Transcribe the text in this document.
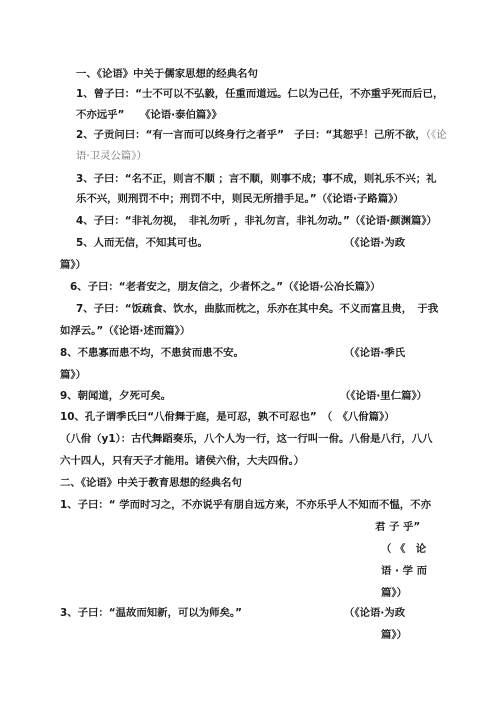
一、《论语》中关于儒家思想的经典名句
1、曾子曰：“士不可以不弘毅，任重而道远。仁以为己任，不亦重乎死而后已，
不亦远乎”　　《论语·泰伯篇》》
2、子贡问曰：“有一言而可以终身行之者乎”　子曰：“其恕乎！己所不欲，（《论
语·卫灵公篇》）
3、子曰：“名不正，则言不顺 ；言不顺，则事不成；事不成，则礼乐不兴；礼
乐不兴，则刑罚不中；刑罚不中，则民无所措手足。”（《论语·子路篇》）
4、子曰：“非礼勿视，　非礼勿听 ，非礼勿言，非礼勿动。”（《论语·颜渊篇》）
5、人而无信，不知其可也。	（《论语·为政
篇》）
6、子曰：“老者安之，朋友信之，少者怀之。”（《论语·公冶长篇》）
7、子曰：“饭疏食、饮水，曲肱而枕之，乐亦在其中矣。不义而富且贵，　于我
如浮云。”（《论语·述而篇》）
8、不患寡而患不均，不患贫而患不安。	（《论语·季氏
篇》）
9、朝闻道，夕死可矣。	（《论语·里仁篇》）
10、孔子谓季氏曰“八佾舞于庭，是可忍，孰不可忍也”　（　《八佾篇》）
（八佾（y1）：古代舞蹈奏乐，八个人为一行，这一行叫一佾。八佾是八行，八八
六十四人，只有天子才能用。诸侯六佾，大夫四佾。）
二、《论语》中关于教育思想的经典名句
1、子曰：“ 学而时习之，不亦说乎有朋自远方来，不亦乐乎人不知而不愠，不亦
君 子 乎”
（ 《　论
语 · 学 而
篇》）
3、子曰：“温故而知新，可以为师矣。”	（《论语·为政
篇》）
